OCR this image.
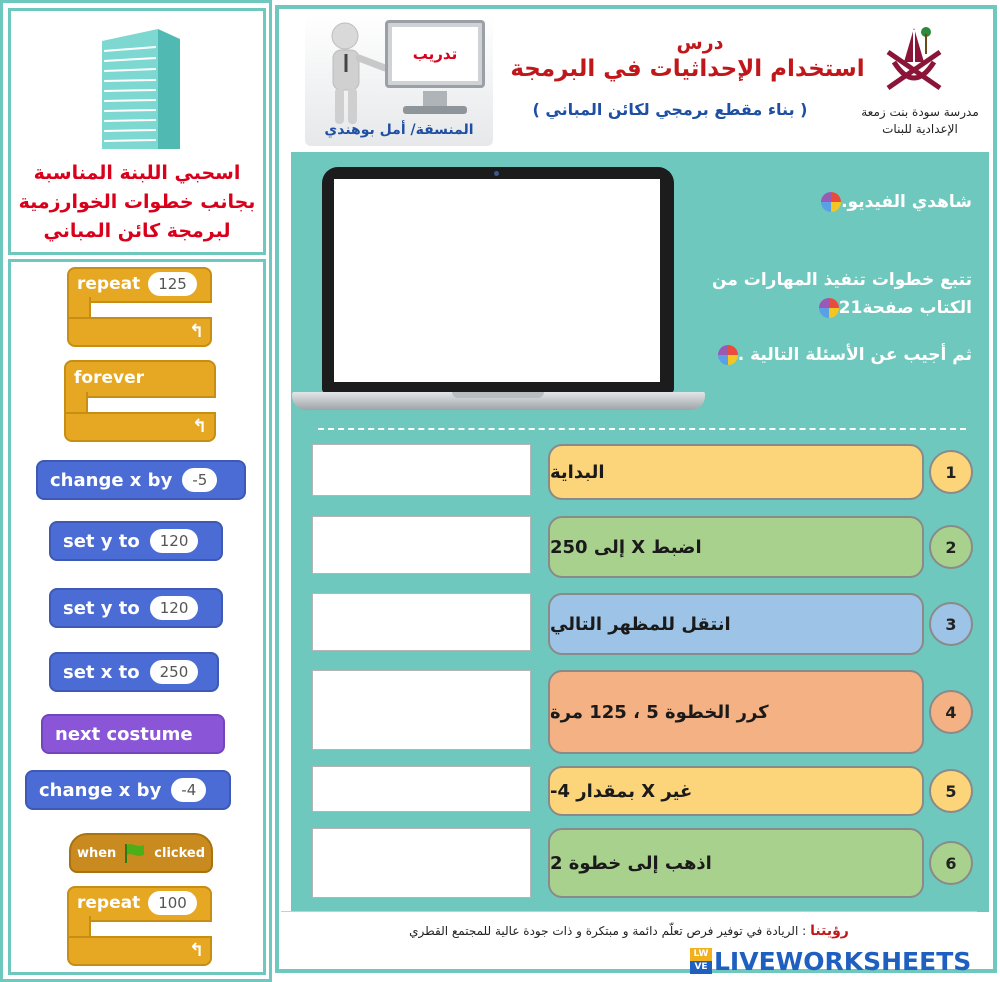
اسحبي اللبنة المناسبة
بجانب خطوات الخوارزمية
لبرمجة كائن المباني
repeat	125
↰
forever
↰
change x by	-5
set y to	120
set y to	120
set x to	250
next costume
change x by	-4
when	clicked
repeat	100
↰
تدريب
المنسقة/ أمل بوهندي
درس
استخدام الإحداثيات في البرمجة
( بناء مقطع برمجي لكائن المباني )	مدرسة سودة بنت زمعة
الإعدادية للبنات
شاهدي الفيديو.
تتبع خطوات تنفيذ المهارات من الكتاب صفحة21
ثم أجيب عن الأسئلة التالية .
البداية	1
اضبط X إلى 250	2
انتقل للمظهر التالي	3
كرر الخطوة 5 ، 125 مرة	4
غير X بمقدار 4-	5
اذهب إلى خطوة 2	6
رؤيتنا
: الريادة في توفير فرص تعلّم دائمة و مبتكرة و ذات جودة عالية للمجتمع القطري
LW
VE LIVEWORKSHEETS
